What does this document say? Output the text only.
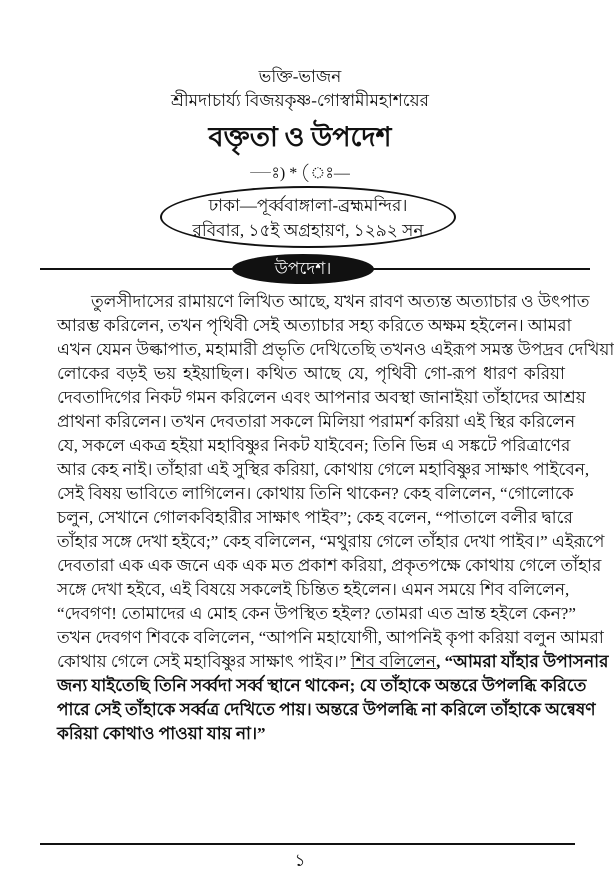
ভক্তি-ভাজন
শ্রীমদাচার্য্য বিজয়কৃষ্ণ-গোস্বামীমহাশয়ের
বক্তৃতা ও উপদেশ
—ঃ) * (ঃ—
ঢাকা—পূর্ব্ববাঙ্গালা-ব্রহ্মমন্দির।
রবিবার, ১৫ই অগ্রহায়ণ, ১২৯২ সন
উপদেশ।
তুলসীদাসের রামায়ণে লিখিত আছে, যখন রাবণ অত্যন্ত অত্যাচার ও উৎপাত
আরম্ভ করিলেন, তখন পৃথিবী সেই অত্যাচার সহ্য করিতে অক্ষম হইলেন। আমরা
এখন যেমন উল্কাপাত, মহামারী প্রভৃতি দেখিতেছি তখনও এইরূপ সমস্ত উপদ্রব দেখিয়া
লোকের বড়ই ভয় হইয়াছিল। কথিত আছে যে, পৃথিবী গো-রূপ ধারণ করিয়া
দেবতাদিগের নিকট গমন করিলেন এবং আপনার অবস্থা জানাইয়া তাঁহাদের আশ্রয়
প্রাথনা করিলেন। তখন দেবতারা সকলে মিলিয়া পরামর্শ করিয়া এই স্থির করিলেন
যে, সকলে একত্র হইয়া মহাবিষ্ণুর নিকট যাইবেন; তিনি ভিন্ন এ সঙ্কটে পরিত্রাণের
আর কেহ নাই। তাঁহারা এই সুস্থির করিয়া, কোথায় গেলে মহাবিষ্ণুর সাক্ষাৎ পাইবেন,
সেই বিষয় ভাবিতে লাগিলেন। কোথায় তিনি থাকেন? কেহ বলিলেন, “গোলোকে
চলুন, সেখানে গোলকবিহারীর সাক্ষাৎ পাইব”; কেহ বলেন, “পাতালে বলীর দ্বারে
তাঁহার সঙ্গে দেখা হইবে;” কেহ বলিলেন, “মথুরায় গেলে তাঁহার দেখা পাইব।” এইরূপে
দেবতারা এক এক জনে এক এক মত প্রকাশ করিয়া, প্রকৃতপক্ষে কোথায় গেলে তাঁহার
সঙ্গে দেখা হইবে, এই বিষয়ে সকলেই চিন্তিত হইলেন। এমন সময়ে শিব বলিলেন,
“দেবগণ! তোমাদের এ মোহ কেন উপস্থিত হইল? তোমরা এত ভ্রান্ত হইলে কেন?”
তখন দেবগণ শিবকে বলিলেন, “আপনি মহাযোগী, আপনিই কৃপা করিয়া বলুন আমরা
কোথায় গেলে সেই মহাবিষ্ণুর সাক্ষাৎ পাইব।” শিব বলিলেন, “আমরা যাঁহার উপাসনার
জন্য যাইতেছি তিনি সর্ব্বদা সর্ব্ব স্থানে থাকেন; যে তাঁহাকে অন্তরে উপলব্ধি করিতে
পারে সেই তাঁহাকে সর্ব্বত্র দেখিতে পায়। অন্তরে উপলব্ধি না করিলে তাঁহাকে অন্বেষণ
করিয়া কোথাও পাওয়া যায় না।”
১
